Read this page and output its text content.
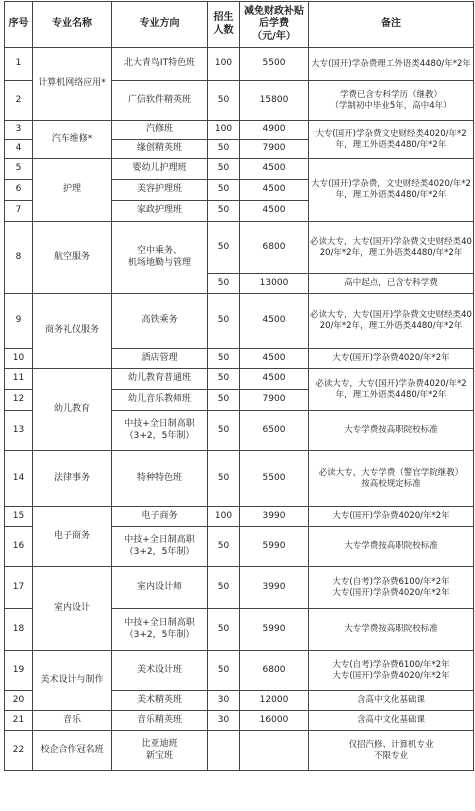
序号	专业名称	专业方向	招生
人数	减免财政补贴
后学费
（元/年）	备注
1	计算机网络应用*	北大青鸟IT特色班	100	5500	大专(国开)学杂费理工外语类4480/年*2年
2		广信软件精英班	50	15800	学费已含专科学历（继教）
（学制初中毕业5年，高中4年）
3	汽车维修*	汽修班	100	4900	大专(国开)学杂费文史财经类4020/年*2年，理工外语类4480/年*2年
4		缘创精英班	50	7900	
5	护理	婴幼儿护理班	50	4500	大专(国开)学杂费，文史财经类4020/年*2年，理工外语类4480/年*2年
6		美容护理班	50	4500	
7		家政护理班	50	4500	
8	航空服务	空中乘务、
机场地勤与管理	50	6800	必读大专，大专(国开)学杂费文史财经类4020/年*2年，理工外语类4480/年*2年
			50	13000	高中起点，已含专科学费
9	商务礼仪服务	高铁乘务	50	4500	必读大专，大专(国开)学杂费文史财经类4020/年*2年，理工外语类4480/年*2年
10		酒店管理	50	4500	大专(国开)学杂费4020/年*2年
11	幼儿教育	幼儿教育普通班	50	4500	必读大专，大专(国开)学杂费4020/年*2年，理工外语类4480/年*2年
12		幼儿音乐教师班	50	7900	
13		中技+全日制高职
（3+2，5年制）	50	6500	大专学费按高职院校标准
14	法律事务	特种特色班	50	5500	必读大专，大专学费（警官学院继教）
按高校规定标准
15	电子商务	电子商务	100	3990	大专(国开)学杂费4020/年*2年
16		中技+全日制高职
（3+2，5年制）	50	5990	大专学费按高职院校标准
17	室内设计	室内设计师	50	3990	大专(自考)学杂费6100/年*2年
大专(国开)学杂费4020/年*2年
18		中技+全日制高职
（3+2，5年制）	50	5990	大专学费按高职院校标准
19	美术设计与制作	美术设计班	50	6800	大专(自考)学杂费6100/年*2年
大专(国开)学杂费4020/年*2年
20		美术精英班	30	12000	含高中文化基础课
21	音乐	音乐精英班	30	16000	含高中文化基础课
22	校企合作冠名班	比亚迪班
新宝班			仅招汽修、计算机专业
不限专业
